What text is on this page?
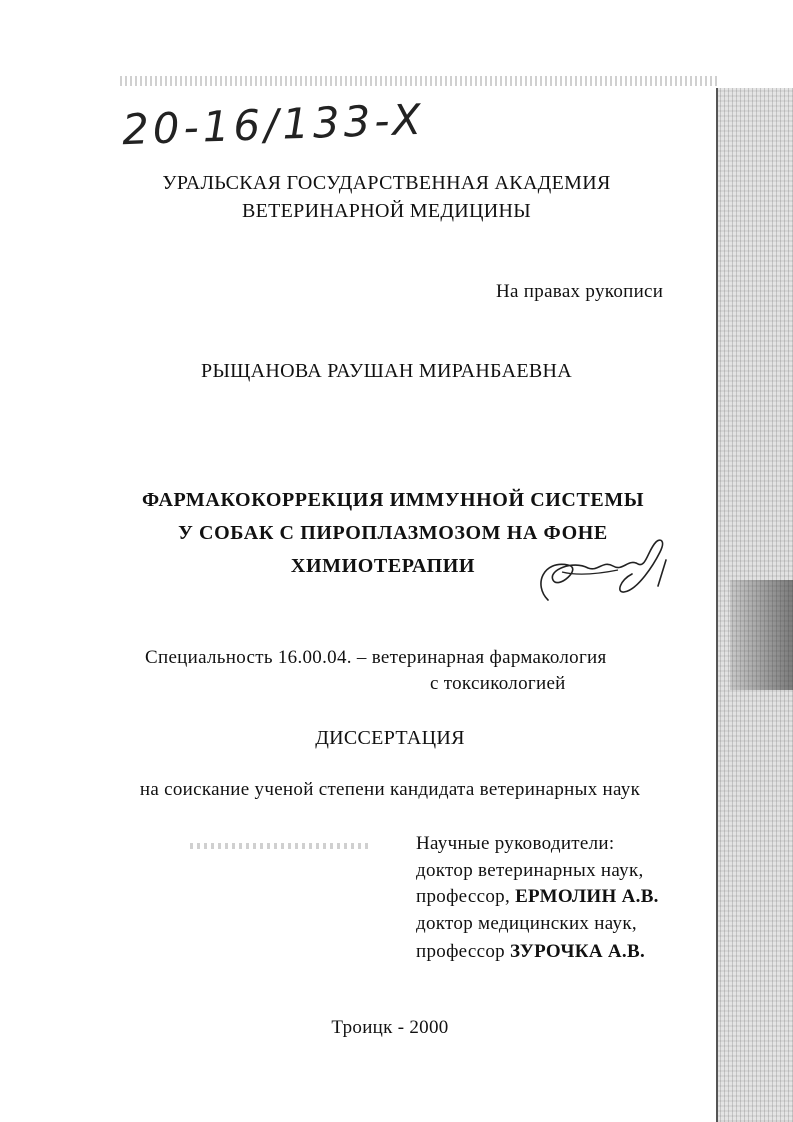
20-16/133-X
УРАЛЬСКАЯ ГОСУДАРСТВЕННАЯ АКАДЕМИЯ
ВЕТЕРИНАРНОЙ МЕДИЦИНЫ
На правах рукописи
РЫЩАНОВА РАУШАН МИРАНБАЕВНА
ФАРМАКОКОРРЕКЦИЯ ИММУННОЙ СИСТЕМЫ
У СОБАК С ПИРОПЛАЗМОЗОМ НА ФОНЕ
ХИМИОТЕРАПИИ
Специальность 16.00.04. – ветеринарная фармакология
с токсикологией
ДИССЕРТАЦИЯ
на соискание ученой степени кандидата ветеринарных наук
Научные руководители:
доктор ветеринарных наук,
профессор, ЕРМОЛИН А.В.
доктор медицинских наук,
профессор ЗУРОЧКА А.В.
Троицк - 2000
